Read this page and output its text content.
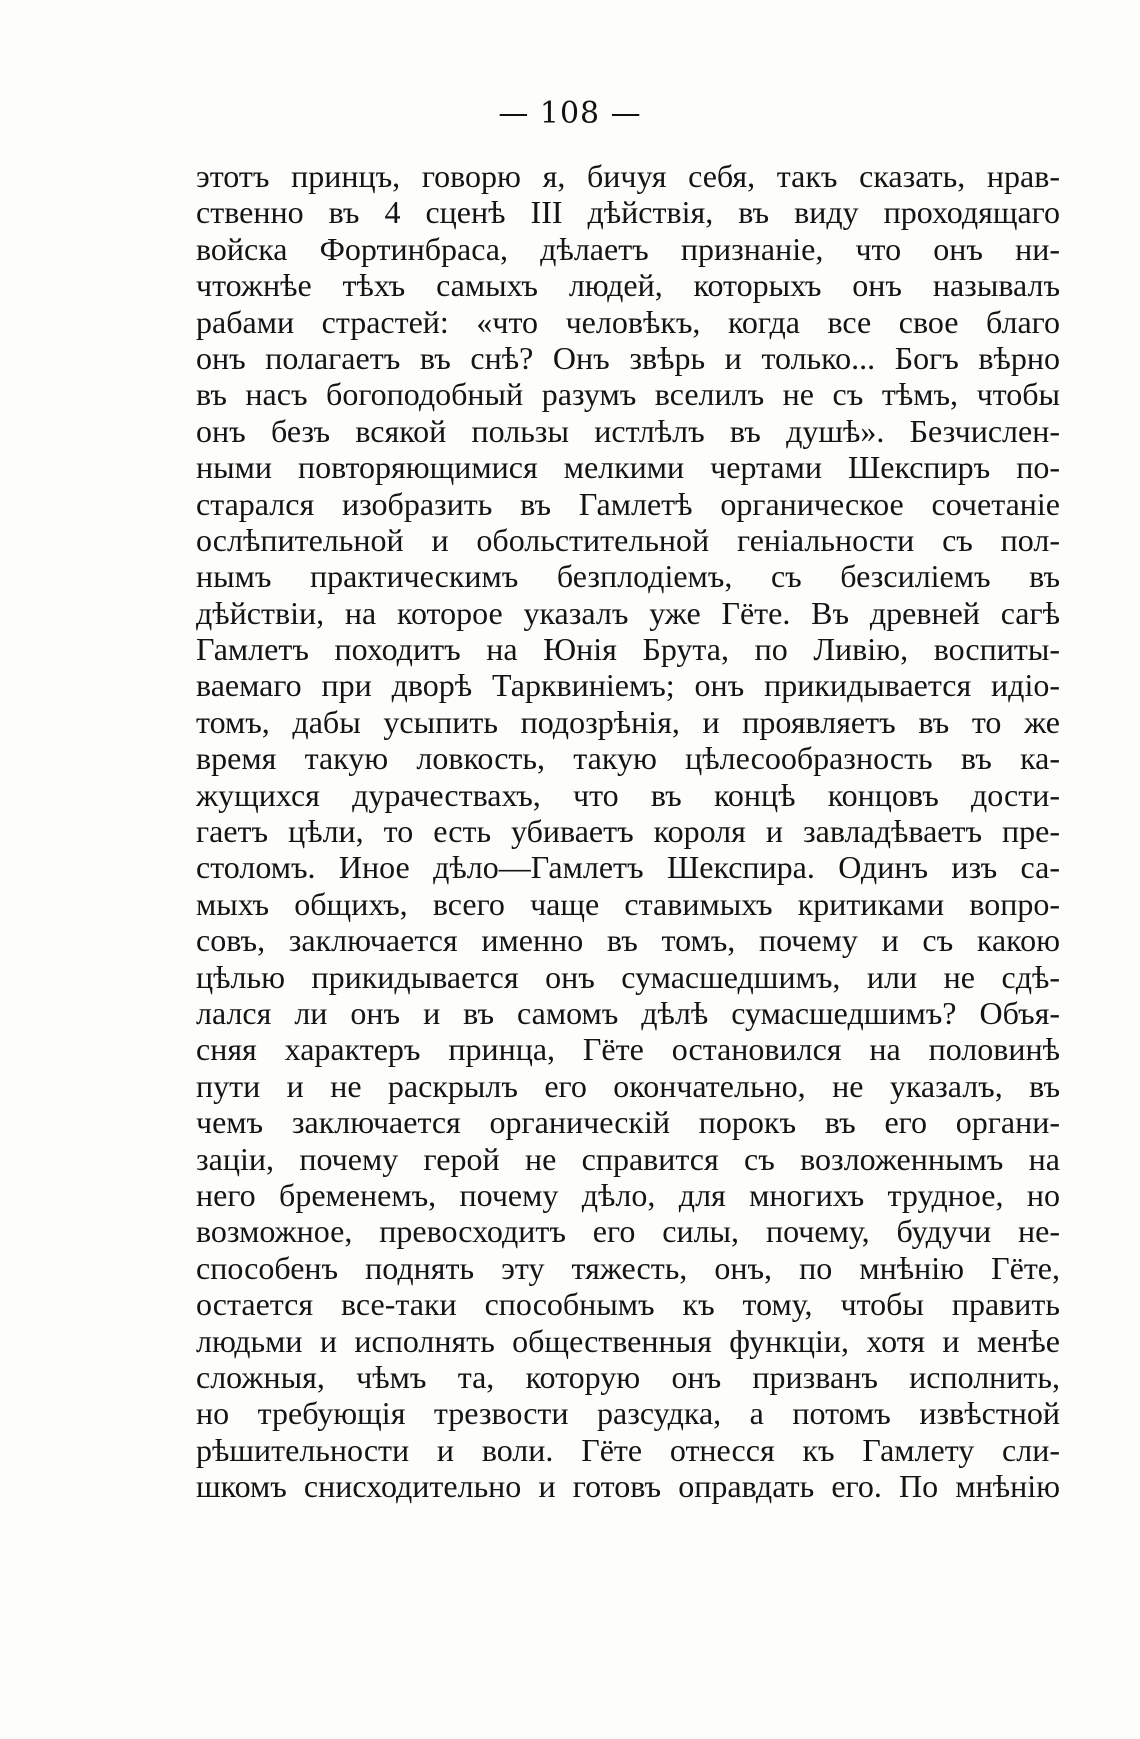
— 108 —
этотъ принцъ, говорю я, бичуя себя, такъ сказать, нрав-
ственно въ 4 сценѣ III дѣйствія, въ виду проходящаго
войска Фортинбраса, дѣлаетъ признаніе, что онъ ни-
чтожнѣе тѣхъ самыхъ людей, которыхъ онъ называлъ
рабами страстей: «что человѣкъ, когда все свое благо
онъ полагаетъ въ снѣ? Онъ звѣрь и только... Богъ вѣрно
въ насъ богоподобный разумъ вселилъ не съ тѣмъ, чтобы
онъ безъ всякой пользы истлѣлъ въ душѣ». Безчислен-
ными повторяющимися мелкими чертами Шекспиръ по-
старался изобразить въ Гамлетѣ органическое сочетаніе
ослѣпительной и обольстительной геніальности съ пол-
нымъ практическимъ безплодіемъ, съ безсиліемъ въ
дѣйствіи, на которое указалъ уже Гёте. Въ древней сагѣ
Гамлетъ походитъ на Юнія Брута, по Ливію, воспиты-
ваемаго при дворѣ Тарквиніемъ; онъ прикидывается идіо-
томъ, дабы усыпить подозрѣнія, и проявляетъ въ то же
время такую ловкость, такую цѣлесообразность въ ка-
жущихся дурачествахъ, что въ концѣ концовъ дости-
гаетъ цѣли, то есть убиваетъ короля и завладѣваетъ пре-
столомъ. Иное дѣло—Гамлетъ Шекспира. Одинъ изъ са-
мыхъ общихъ, всего чаще ставимыхъ критиками вопро-
совъ, заключается именно въ томъ, почему и съ какою
цѣлью прикидывается онъ сумасшедшимъ, или не сдѣ-
лался ли онъ и въ самомъ дѣлѣ сумасшедшимъ? Объя-
сняя характеръ принца, Гёте остановился на половинѣ
пути и не раскрылъ его окончательно, не указалъ, въ
чемъ заключается органическій порокъ въ его органи-
заціи, почему герой не справится съ возложеннымъ на
него бременемъ, почему дѣло, для многихъ трудное, но
возможное, превосходитъ его силы, почему, будучи не-
способенъ поднять эту тяжесть, онъ, по мнѣнію Гёте,
остается все-таки способнымъ къ тому, чтобы править
людьми и исполнять общественныя функціи, хотя и менѣе
сложныя, чѣмъ та, которую онъ призванъ исполнить,
но требующія трезвости разсудка, а потомъ извѣстной
рѣшительности и воли. Гёте отнесся къ Гамлету сли-
шкомъ снисходительно и готовъ оправдать его. По мнѣнію
